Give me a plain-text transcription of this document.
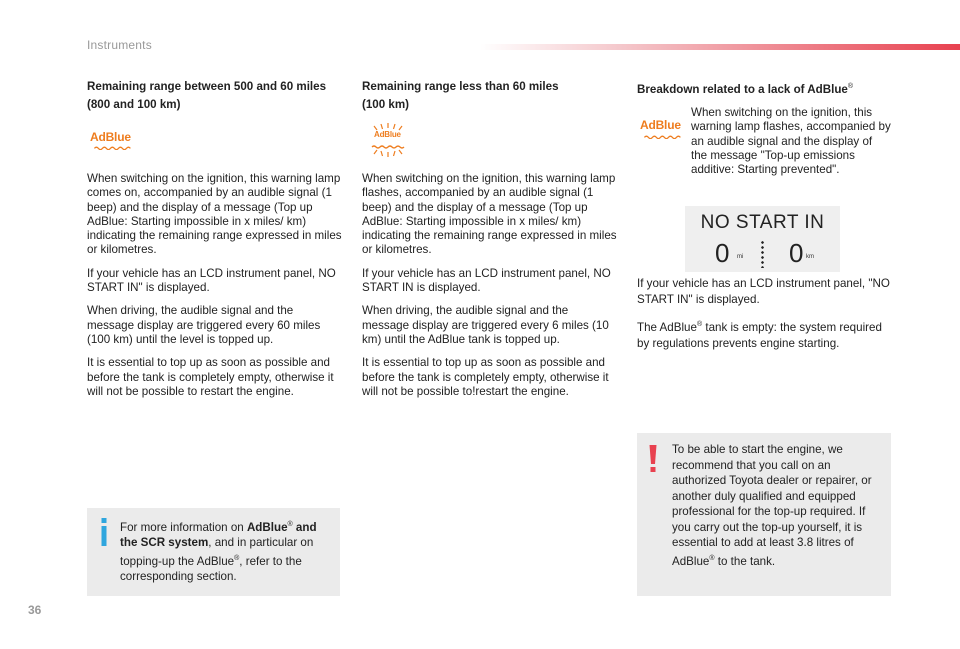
Instruments
Remaining range between 500 and 60 miles
(800 and 100 km)
AdBlue

When switching on the ignition, this warning lamp comes on, accompanied by an audible signal (1 beep) and the display of a message (Top up AdBlue: Starting impossible in x miles/ km) indicating the remaining range expressed in miles or kilometres.

If your vehicle has an LCD instrument panel, NO START IN" is displayed.

When driving, the audible signal and the message display are triggered every 60 miles (100 km) until the level is topped up.

It is essential to top up as soon as possible and before the tank is completely empty, otherwise it will not be possible to restart the engine.

Remaining range less than 60 miles
(100 km)
AdBlue

When switching on the ignition, this warning lamp flashes, accompanied by an audible signal (1 beep) and the display of a message (Top up AdBlue: Starting impossible in x miles/ km) indicating the remaining range expressed in miles or kilometres.

If your vehicle has an LCD instrument panel, NO START IN is displayed.

When driving, the audible signal and the message display are triggered every 6 miles (10 km) until the AdBlue tank is topped up.

It is essential to top up as soon as possible and before the tank is completely empty, otherwise it will not be possible to!restart the engine.

Breakdown related to a lack of AdBlue®
AdBlue

When switching on the ignition, this warning lamp flashes, accompanied by an audible signal and the display of the message "Top-up emissions additive: Starting prevented".

NO START IN
0 mi 0 km

If your vehicle has an LCD instrument panel, "NO START IN" is displayed.

The AdBlue® tank is empty: the system required by regulations prevents engine starting.

For more information on AdBlue® and the SCR system, and in particular on topping-up the AdBlue®, refer to the corresponding section.
To be able to start the engine, we recommend that you call on an authorized Toyota dealer or repairer, or another duly qualified and equipped professional for the top-up required. If you carry out the top-up yourself, it is essential to add at least 3.8 litres of AdBlue® to the tank.
36
